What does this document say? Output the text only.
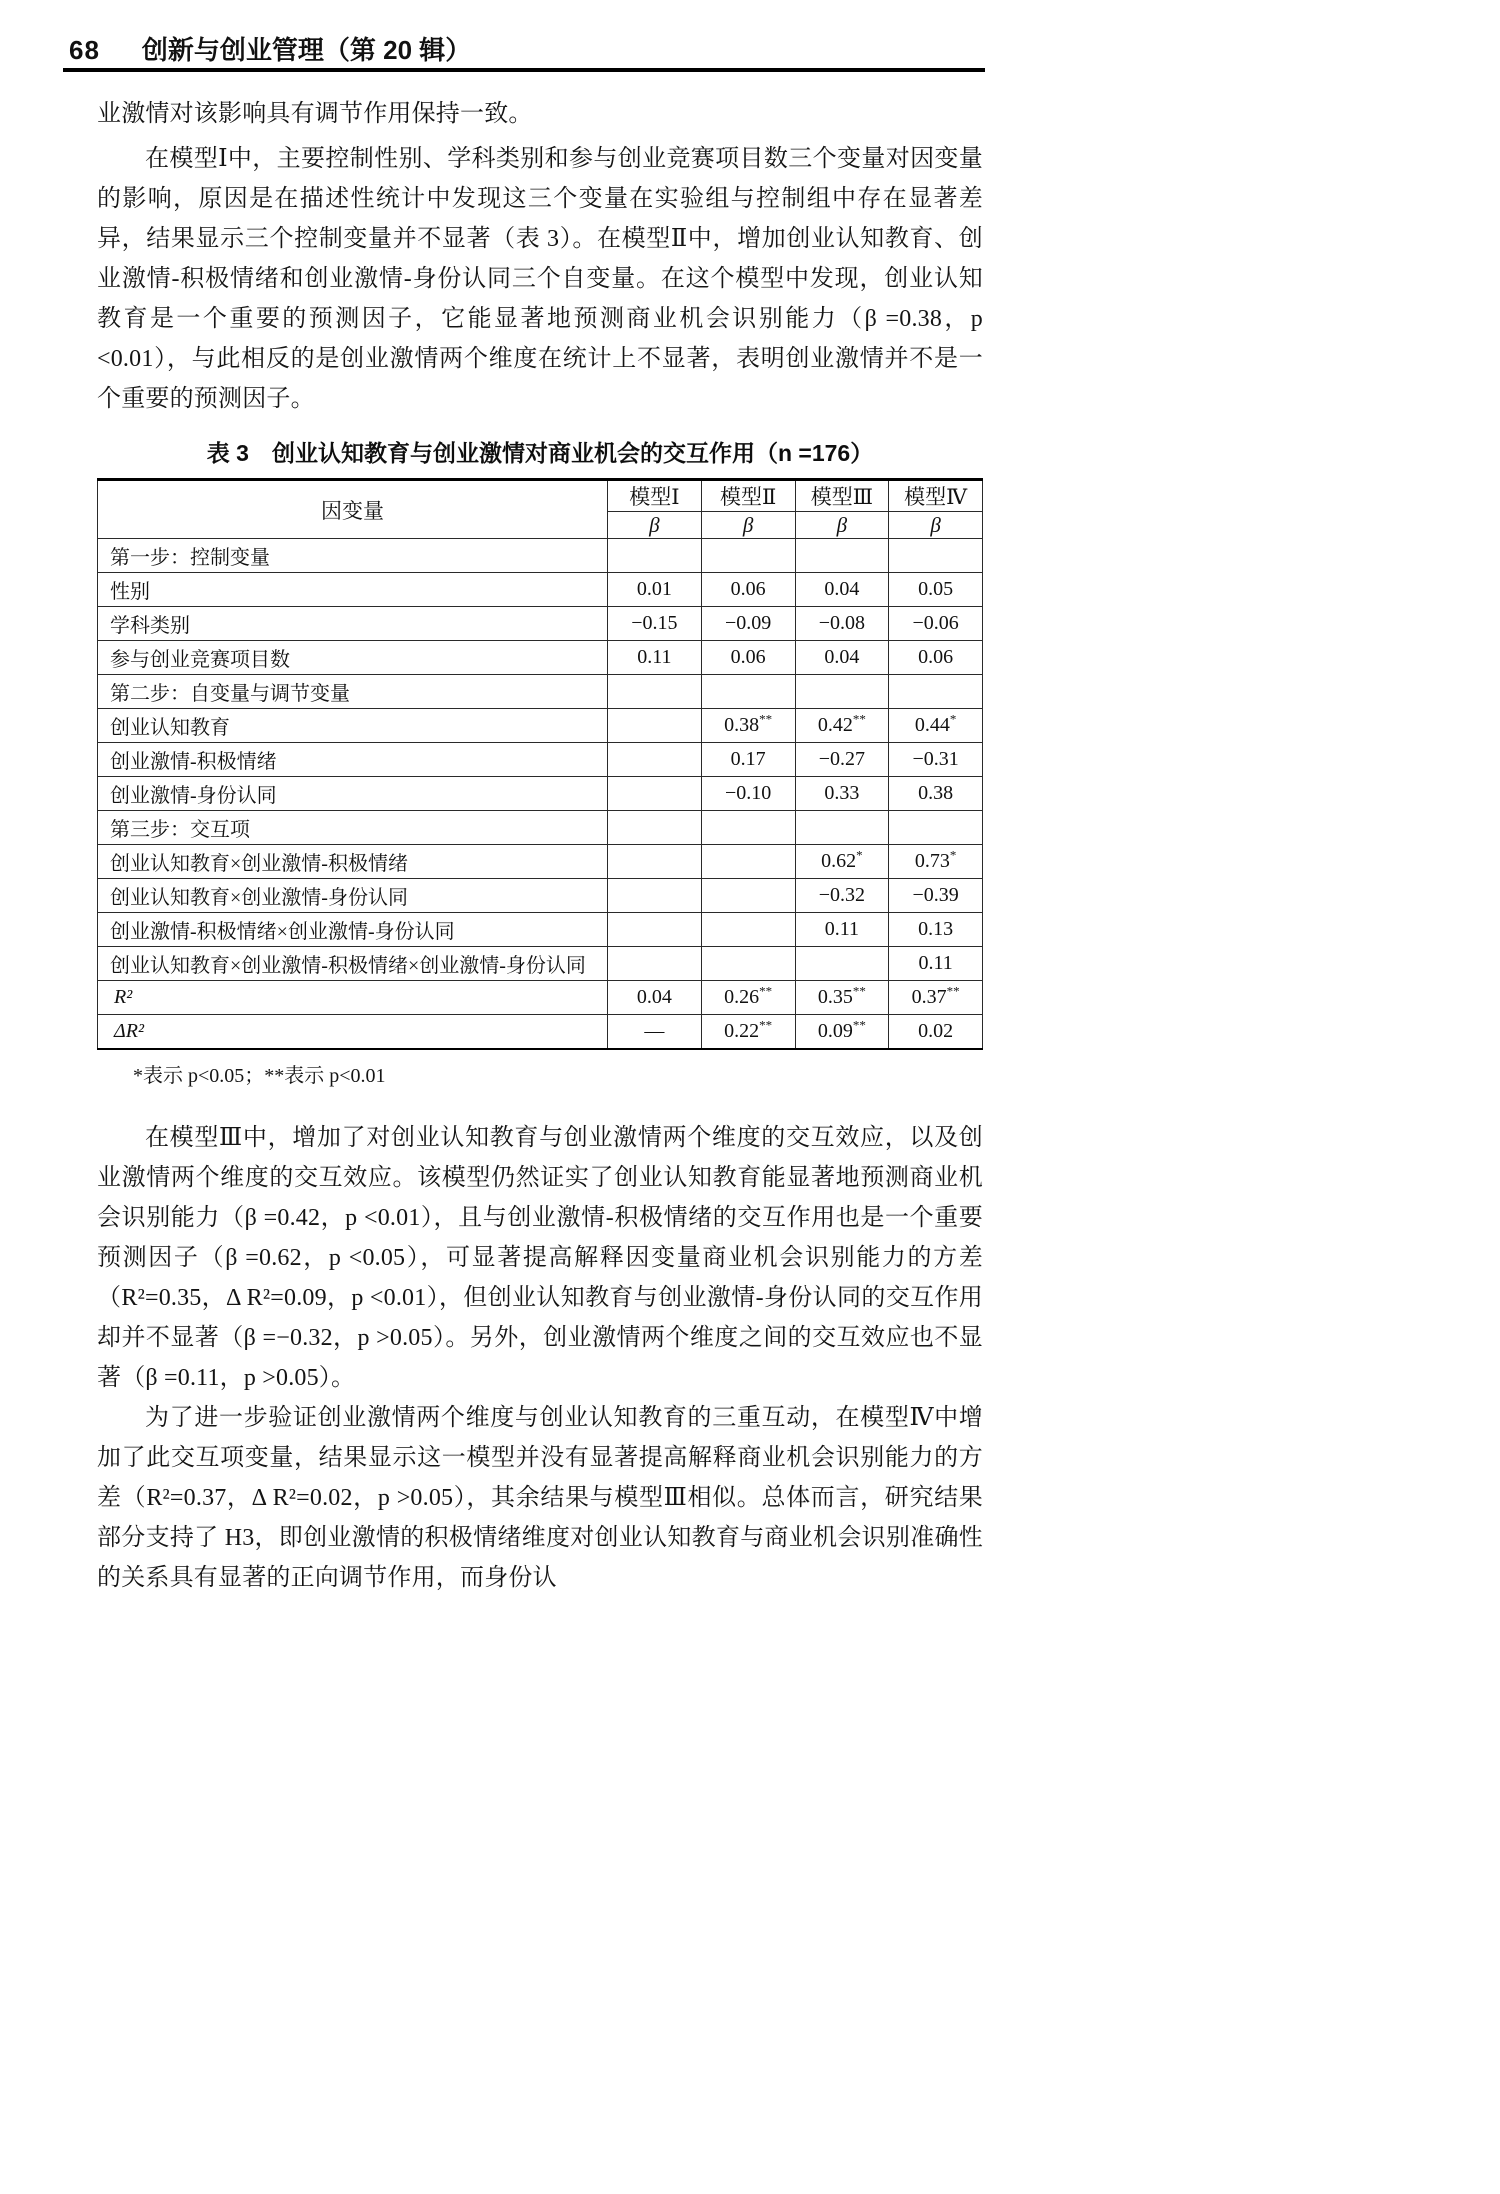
68 创新与创业管理（第 20 辑）

业激情对该影响具有调节作用保持一致。

在模型Ⅰ中，主要控制性别、学科类别和参与创业竞赛项目数三个变量对因变量的影响，原因是在描述性统计中发现这三个变量在实验组与控制组中存在显著差异，结果显示三个控制变量并不显著（表 3）。在模型Ⅱ中，增加创业认知教育、创业激情-积极情绪和创业激情-身份认同三个自变量。在这个模型中发现，创业认知教育是一个重要的预测因子，它能显著地预测商业机会识别能力（β =0.38，p <0.01），与此相反的是创业激情两个维度在统计上不显著，表明创业激情并不是一个重要的预测因子。

表 3　创业认知教育与创业激情对商业机会的交互作用（n =176）
因变量	模型Ⅰ	模型Ⅱ	模型Ⅲ	模型Ⅳ
	β	β	β	β
第一步：控制变量				
性别	0.01	0.06	0.04	0.05
学科类别	−0.15	−0.09	−0.08	−0.06
参与创业竞赛项目数	0.11	0.06	0.04	0.06
第二步：自变量与调节变量				
创业认知教育		0.38**	0.42**	0.44*
创业激情-积极情绪		0.17	−0.27	−0.31
创业激情-身份认同		−0.10	0.33	0.38
第三步：交互项				
创业认知教育×创业激情-积极情绪			0.62*	0.73*
创业认知教育×创业激情-身份认同			−0.32	−0.39
创业激情-积极情绪×创业激情-身份认同			0.11	0.13
创业认知教育×创业激情-积极情绪×创业激情-身份认同				0.11
R²	0.04	0.26**	0.35**	0.37**
ΔR²	—	0.22**	0.09**	0.02
*表示 p<0.05；**表示 p<0.01

在模型Ⅲ中，增加了对创业认知教育与创业激情两个维度的交互效应，以及创业激情两个维度的交互效应。该模型仍然证实了创业认知教育能显著地预测商业机会识别能力（β =0.42，p <0.01），且与创业激情-积极情绪的交互作用也是一个重要预测因子（β =0.62，p <0.05），可显著提高解释因变量商业机会识别能力的方差（R²=0.35，Δ R²=0.09，p <0.01），但创业认知教育与创业激情-身份认同的交互作用却并不显著（β =−0.32，p >0.05）。另外，创业激情两个维度之间的交互效应也不显著（β =0.11，p >0.05）。

为了进一步验证创业激情两个维度与创业认知教育的三重互动，在模型Ⅳ中增加了此交互项变量，结果显示这一模型并没有显著提高解释商业机会识别能力的方差（R²=0.37，Δ R²=0.02，p >0.05），其余结果与模型Ⅲ相似。总体而言，研究结果部分支持了 H3，即创业激情的积极情绪维度对创业认知教育与商业机会识别准确性的关系具有显著的正向调节作用，而身份认
